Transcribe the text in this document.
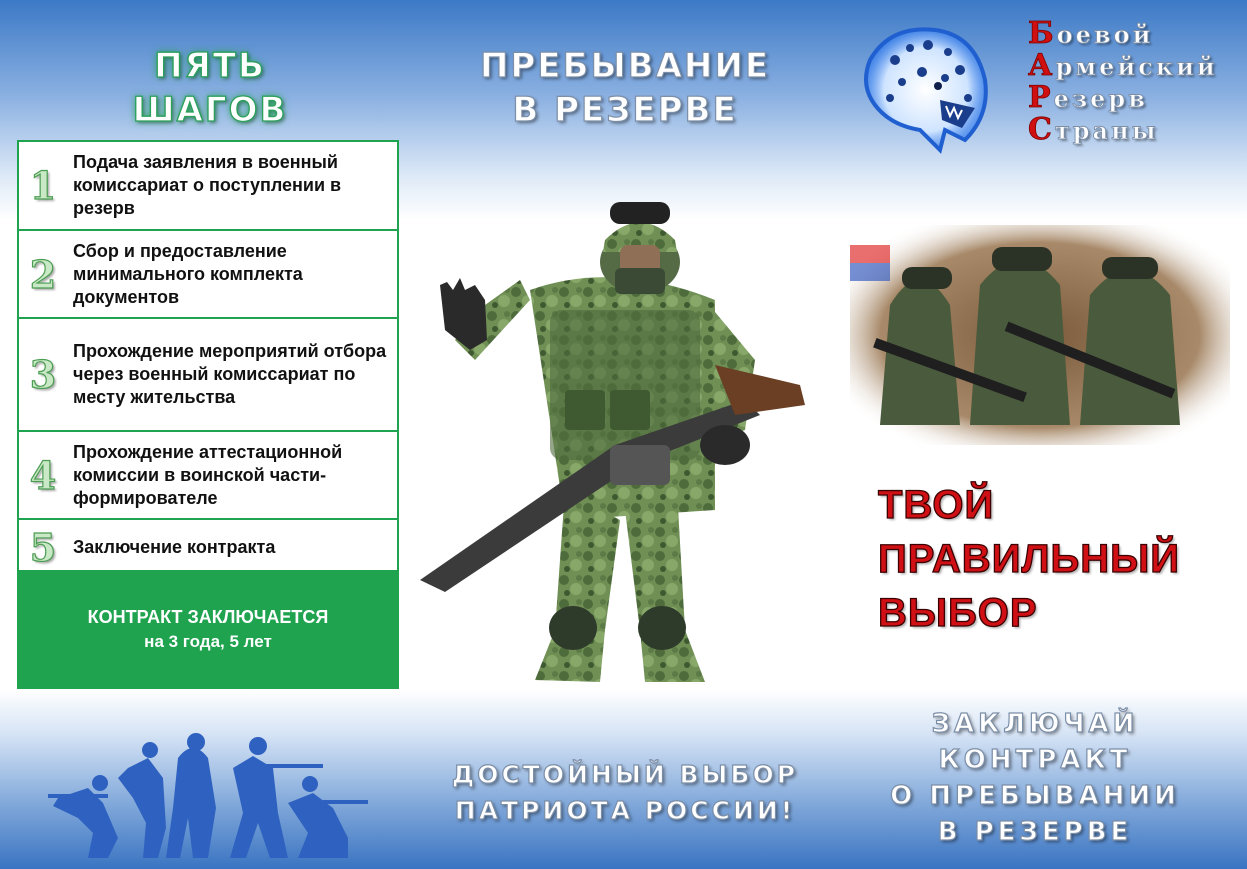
ПЯТЬ
ШАГОВ
1
Подача заявления в военный комиссариат о поступлении в резерв
2
Сбор и предоставление минимального комплекта документов
3
Прохождение мероприятий отбора через военный комиссариат по месту жительства
4
Прохождение аттестационной комиссии в воинской части-формирователе
5 Заключение контракта
КОНТРАКТ ЗАКЛЮЧАЕТСЯ
на 3 года, 5 лет
ПРЕБЫВАНИЕ
В РЕЗЕРВЕ
Боевой
Армейский
Резерв
Страны
ТВОЙ
ПРАВИЛЬНЫЙ
ВЫБОР
ДОСТОЙНЫЙ ВЫБОР
ПАТРИОТА РОССИИ!
ЗАКЛЮЧАЙ
КОНТРАКТ
О ПРЕБЫВАНИИ
В РЕЗЕРВЕ
